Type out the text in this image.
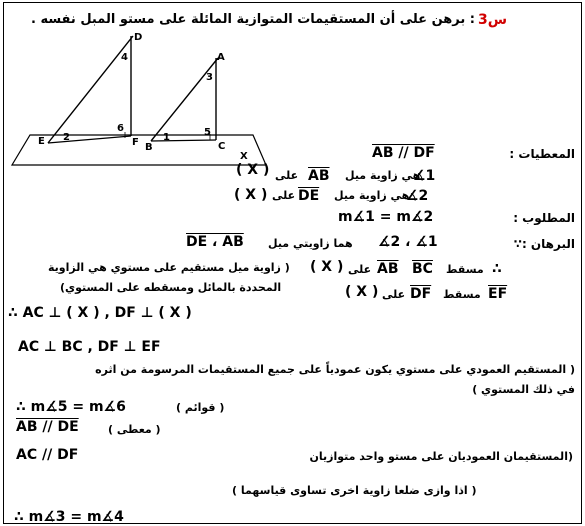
س3
: برهن على أن المستقيمات المتوازية المائلة على مستو المبل نفسه .
D
A
E	F B	C
X
1
2
3
4
5
6
المعطيات :
AB // DF
∡1
هي زاوية ميل
$\overline{AB}$
على
( X )
∡2
هي زاوية ميل
$\overline{DE}$
على
( X )
المطلوب :
m∡1 = m∡2
البرهان :∵
∡2 ، ∡1
هما زاويتي ميل
DE ، AB
∴
مسقط
$\overline{BC}$
$\overline{AB}$
على
( X )
( زاوية ميل مستقيم على مستوي هي الزاوية
$\overline{EF}$
مسقط
$\overline{DF}$
على
( X )
المحددة بالمائل ومسقطه على المستوي)
∴ AC ⊥ ( X ) , DF ⊥ ( X )
AC ⊥ BC , DF ⊥ EF
( المستقيم العمودي على مستوي يكون عمودياً على جميع المستقيمات المرسومة من اثره
في ذلك المستوي )
∴ m∡5 = m∡6	( قوائم )
AB // DE	( معطى )
AC // DF	(المستقيمان العموديان على مستو واحد متوازيان
( اذا وازى ضلعا زاوية اخرى تساوى قياسهما )
∴ m∡3 = m∡4
